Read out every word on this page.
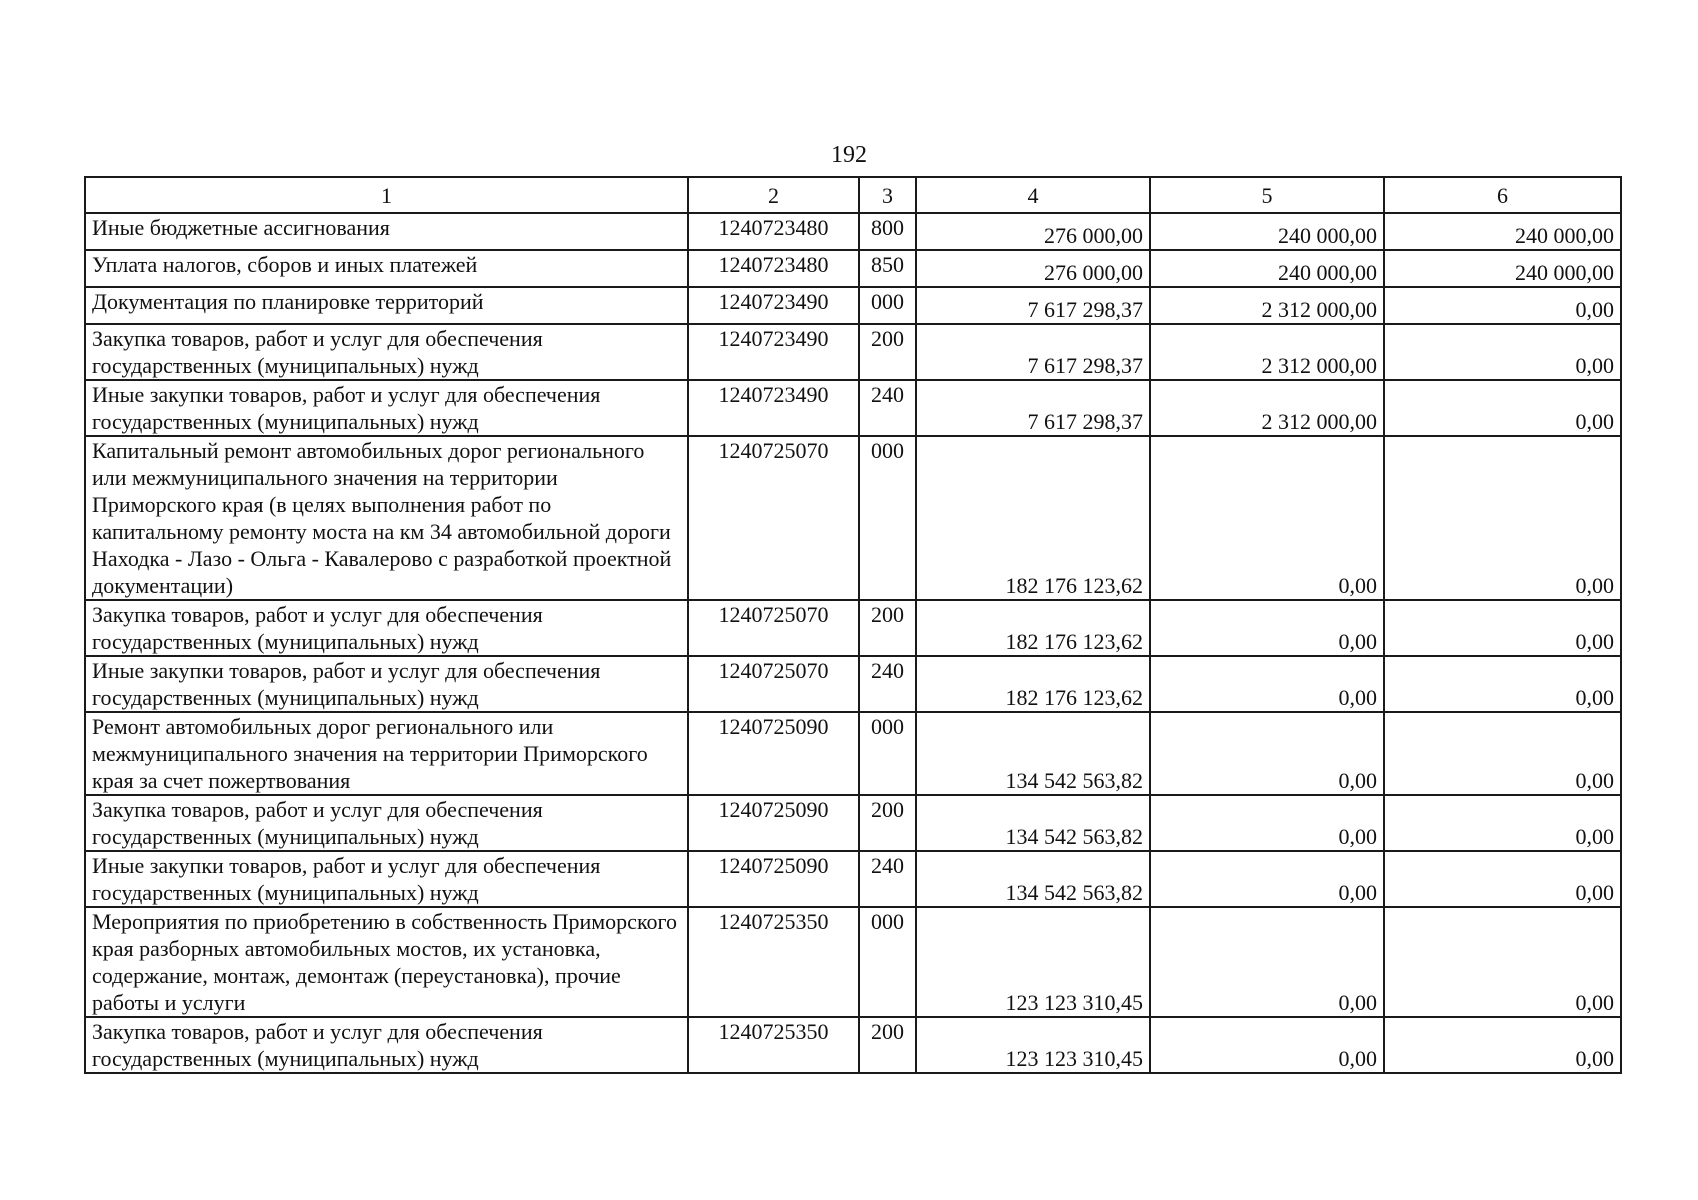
192
1	2	3	4	5	6
Иные бюджетные ассигнования	1240723480	800	276 000,00	240 000,00	240 000,00
Уплата налогов, сборов и иных платежей	1240723480	850	276 000,00	240 000,00	240 000,00
Документация по планировке территорий	1240723490	000	7 617 298,37	2 312 000,00	0,00
Закупка товаров, работ и услуг для обеспечения государственных (муниципальных) нужд	1240723490	200	7 617 298,37	2 312 000,00	0,00
Иные закупки товаров, работ и услуг для обеспечения государственных (муниципальных) нужд	1240723490	240	7 617 298,37	2 312 000,00	0,00
Капитальный ремонт автомобильных дорог регионального или межмуниципального значения на территории Приморского края (в целях выполнения работ по капитальному ремонту моста на км 34 автомобильной дороги Находка - Лазо - Ольга - Кавалерово с разработкой проектной документации)	1240725070	000	182 176 123,62	0,00	0,00
Закупка товаров, работ и услуг для обеспечения государственных (муниципальных) нужд	1240725070	200	182 176 123,62	0,00	0,00
Иные закупки товаров, работ и услуг для обеспечения государственных (муниципальных) нужд	1240725070	240	182 176 123,62	0,00	0,00
Ремонт автомобильных дорог регионального или межмуниципального значения на территории Приморского края за счет пожертвования	1240725090	000	134 542 563,82	0,00	0,00
Закупка товаров, работ и услуг для обеспечения государственных (муниципальных) нужд	1240725090	200	134 542 563,82	0,00	0,00
Иные закупки товаров, работ и услуг для обеспечения государственных (муниципальных) нужд	1240725090	240	134 542 563,82	0,00	0,00
Мероприятия по приобретению в собственность Приморского края разборных автомобильных мостов, их установка, содержание, монтаж, демонтаж (переустановка), прочие работы и услуги	1240725350	000	123 123 310,45	0,00	0,00
Закупка товаров, работ и услуг для обеспечения государственных (муниципальных) нужд	1240725350	200	123 123 310,45	0,00	0,00
